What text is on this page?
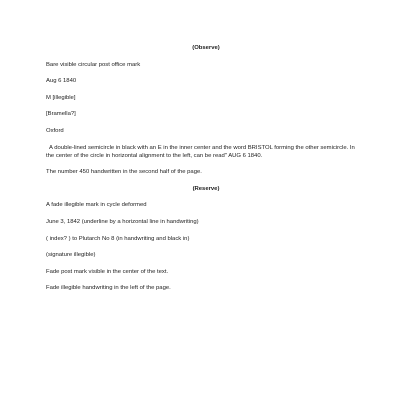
(Observe)
Bare visible circular post office mark
Aug 6 1840
M [illegible]
[Bramella?]
Oxford
A double-lined semicircle in black with an E in the inner center and the word BRISTOL forming the other semicircle. In the center of the circle in horizontal alignment to the left, can be read" AUG 6 1840.
The number 450 handwritten in the second half of the page.
(Reserve)
A fade illegible mark in cycle deformed
June 3, 1842 (underline by a horizontal line in handwriting)
( index? ) to Plutarch No 8 (in handwriting and black in)
(signature illegible)
Fade post mark visible in the center of the text.
Fade illegible handwriting in the left of the page.
